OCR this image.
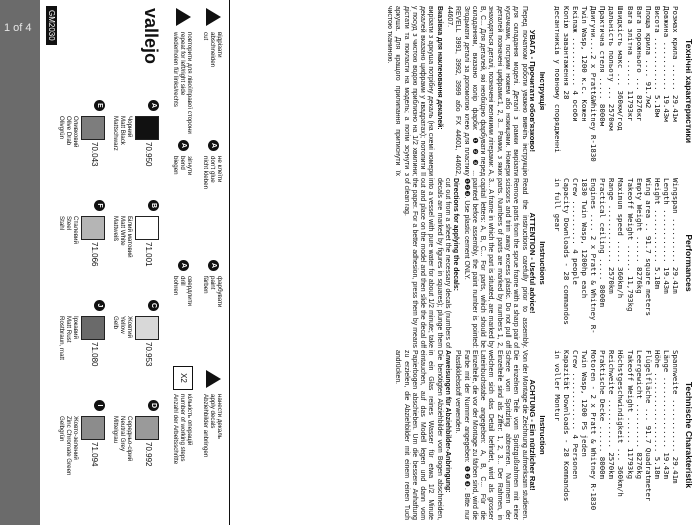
1 of 4
Технічні характеристики
Розмах крила ...... 29.41м
Довжина ........... 19.43м
Висота ............ 5.18м
Площа крила .... 91.7м2
Вага порожнього ... 8276кг
Вага злітна ...... 11793кг
Швидкість макс ... 360км/год
дальність польоту ... 2570км
Практична стеля ..... 8000м
Двигуни....2 x Pratt&Whitney R-1830
Twin Wasp, 1200 к.с. Кожен
Екіпаж ........... 4 особи
Копію завантаження 28
десантників у повному спорядженні
Інструкція
УВАГА - Прочитати обов'язково!
Перед початком роботи уважно вивчіть інструкцію для складання моделі. Деталі з рамки вирізати кусачками, гострим ножем або ножицями. Номери деталей позначені цифрами:1, 2, 3... Рамки, з яких знаходяться деталі, позначені великими літерами: A, B, C... Для деталей, які необхідно фарбувати перед складанням, вказано колір фарби: ❶❷❸... Згодьмати деталі за допомогою клею для пластику REVELL 3991, 3992, 3999 або FX 44601, 44602, 44607.
Вказівка для наклеювання декалей:
вирізати з аркуша потрібну декаль (на схемі номери декалей вказано цифрами у квадратах); потопити її у посуд з чистою водою приблизно на 1/2 хвилини; дістати та покласти на модель; а потім зсунути з аркуша. Для кращого прилипання притиснути їх чистою тканиною.
Performances
Wingspan .......... 29.41m
Length ............ 19.43m
Height ............ 5.18m
Wing area .. 91.7 square meters
Empty Weight ...... 8276kg
Takeoff Weight ...... 11,793kg
Maximum speed ..... 360km/h
Range ............. 2570km
Practical ceiling ..... 8000m
Engines .... 2 x Pratt & Whitney R-
1830 Twin Wasp, 1200hp each
Crew .......... 4 people
Capacity Downloads - 28 commandos
in full gear
Instructions
ATTENTION - Useful advice!
Read the instructions carefully prior to assembly. Remove parts from the sprue frame with a sharp pair of scissors and trim away excess plastic. Do not pull off parts. Numbers of parts are marked by numbers 1, 2, 3... A frame in which the part is situated, are marked by capital letters: A, B, C... For parts, which should be painted before assembly, the paint number is pointed: ❶❷❸. Use plastic cement ONLY.
Directions for applying the decals:
cut out from a sheet the necessary decals (numbers of decals are marked by figures in squares); plunge them into a vessel with pure water for about 1/2 minute; take out and place on the model and then slide the decal off the paper. For a better adhesion, press them by means of clean rag.
Technische Charakteristik
Spannweite ............ 29.41m
Länge ................ 19.43m
Höhe .................. 5.18m
Flügelfläche ... 91.7 Quadratmeter
Leergewicht .......... 8276kg
Takeoff Weight ...... 11793kg
Höchstgeschwindigkeit ... 360km/h
Reichweite ........... 2570km
Praktische Decke ...... 8000m
Motoren - 2 x Pratt & Whitney R-1830
Twin Wasp, 1200 PS jeden
Crew ............. 4 Personen
Kapazität Downloads - 28 Kommandos
in voller Montur
Instruction
ACHTUNG - Ein nützlicher Rat!
Von der Montage die Zeichnung aufmerksam studieren. Die einzelnen Teile vom Spritzgußrahmen mit einer Schere vom Spritzling abtrennen. Nummern der Einzelteile sind als Ziffer: 1, 2, 3... Der Rahmen, in welchem sich das Detail befindet, wird als grosser Lateinbuchstabe angegeben: A, B, C... Für die Einzelteile, die vor der Montage zu färben sind, wird die Farbe mit der Nummer angegeben: ❶❷❸. Bitte nur Plastikklebstoff verwenden.
Anweisungen für Abziehbilder-Anbringung:
Die benötigten Abziehbilder vom Bogen abschneiden, in ein Glas reines Wasser für etwa 1/2 Minute eintauchen, auf das Modell legen und dann vom Papierbogen abschieben. Um die bessere Anhaftung zu erzielen, die Abziehbilder mit einem reinen Tuch andrücken.
відрізати
abschneiden
cut
A
не клеїти
don't glue
nicht kleben
A
фарбувати
paint
färben
нанести декаль
apply decals
Abziehbilder anbringen
повторити для лівої/правої сторони
repeat for left/right side
wiederholen für links/rechts
A
зігнути
bend
biegen
A
свердлити
drill
bohren
X2
кількість операцій
number of working steps
Anzahl der Arbeitsschritte
vallejo
A
70.950
Чорний
Matt Black
Mattschwarz
B
71.001
Білий матовий
Matt White
Mattweiß
C
70.953
Жовтий
Yellow
Gelb
D
70.992
Середньо-сірий
Neutral Grey
Mittelgrau
E
70.043
Оливковий
Olive Drab
Olivgrün
F
71.066
Сталевий
Steel
Stahl
J
71.080
Іржавий
Matt Rust
Rostbraun, matt
I
71.094
Жовто-зелений
Zinc Chromate Green
Gelbgrün
GM2030
